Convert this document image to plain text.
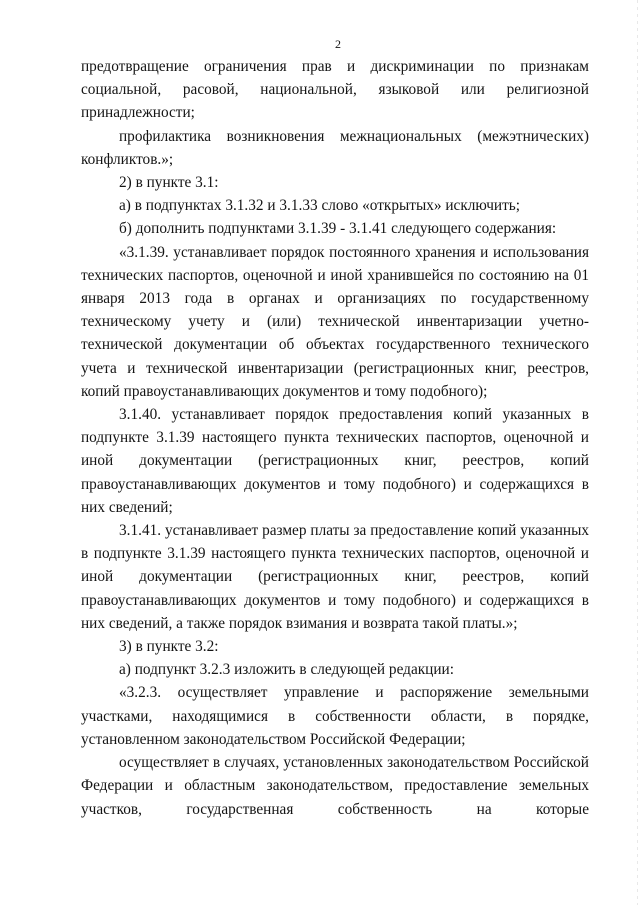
2

предотвращение ограничения прав и дискриминации по признакам социальной, расовой, национальной, языковой или религиозной принадлежности;

профилактика возникновения межнациональных (межэтнических) конфликтов.»;

2) в пункте 3.1:

а) в подпунктах 3.1.32 и 3.1.33 слово «открытых» исключить;

б) дополнить подпунктами 3.1.39 - 3.1.41 следующего содержания:

«3.1.39. устанавливает порядок постоянного хранения и использования технических паспортов, оценочной и иной хранившейся по состоянию на 01 января 2013 года в органах и организациях по государственному техническому учету и (или) технической инвентаризации учетно-технической документации об объектах государственного технического учета и технической инвентаризации (регистрационных книг, реестров, копий правоустанавливающих документов и тому подобного);

3.1.40. устанавливает порядок предоставления копий указанных в подпункте 3.1.39 настоящего пункта технических паспортов, оценочной и иной документации (регистрационных книг, реестров, копий правоустанавливающих документов и тому подобного) и содержащихся в них сведений;

3.1.41. устанавливает размер платы за предоставление копий указанных в подпункте 3.1.39 настоящего пункта технических паспортов, оценочной и иной документации (регистрационных книг, реестров, копий правоустанавливающих документов и тому подобного) и содержащихся в них сведений, а также порядок взимания и возврата такой платы.»;

3) в пункте 3.2:

а) подпункт 3.2.3 изложить в следующей редакции:

«3.2.3. осуществляет управление и распоряжение земельными участками, находящимися в собственности области, в порядке, установленном законодательством Российской Федерации;

осуществляет в случаях, установленных законодательством Российской Федерации и областным законодательством, предоставление земельных участков, государственная собственность на которые
